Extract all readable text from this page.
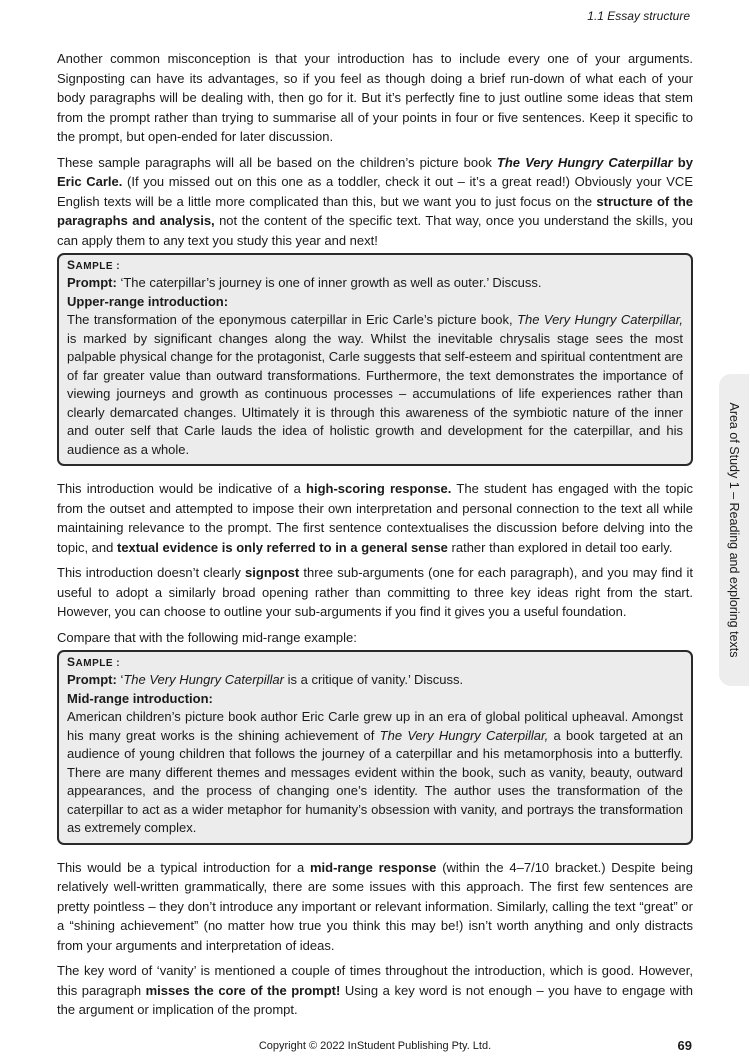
1.1 Essay structure

Another common misconception is that your introduction has to include every one of your arguments. Signposting can have its advantages, so if you feel as though doing a brief run-down of what each of your body paragraphs will be dealing with, then go for it. But it’s perfectly fine to just outline some ideas that stem from the prompt rather than trying to summarise all of your points in four or five sentences. Keep it specific to the prompt, but open-ended for later discussion.

These sample paragraphs will all be based on the children’s picture book The Very Hungry Caterpillar by Eric Carle. (If you missed out on this one as a toddler, check it out – it’s a great read!) Obviously your VCE English texts will be a little more complicated than this, but we want you to just focus on the structure of the paragraphs and analysis, not the content of the specific text. That way, once you understand the skills, you can apply them to any text you study this year and next!

SAMPLE :
Prompt: ‘The caterpillar’s journey is one of inner growth as well as outer.’ Discuss.
Upper-range introduction:
The transformation of the eponymous caterpillar in Eric Carle’s picture book, The Very Hungry Caterpillar, is marked by significant changes along the way. Whilst the inevitable chrysalis stage sees the most palpable physical change for the protagonist, Carle suggests that self-esteem and spiritual contentment are of far greater value than outward transformations. Furthermore, the text demonstrates the importance of viewing journeys and growth as continuous processes – accumulations of life experiences rather than clearly demarcated changes. Ultimately it is through this awareness of the symbiotic nature of the inner and outer self that Carle lauds the idea of holistic growth and development for the caterpillar, and his audience as a whole.

This introduction would be indicative of a high-scoring response. The student has engaged with the topic from the outset and attempted to impose their own interpretation and personal connection to the text all while maintaining relevance to the prompt. The first sentence contextualises the discussion before delving into the topic, and textual evidence is only referred to in a general sense rather than explored in detail too early.

This introduction doesn’t clearly signpost three sub-arguments (one for each paragraph), and you may find it useful to adopt a similarly broad opening rather than committing to three key ideas right from the start. However, you can choose to outline your sub-arguments if you find it gives you a useful foundation.

Compare that with the following mid-range example:

SAMPLE :
Prompt: ‘The Very Hungry Caterpillar is a critique of vanity.’ Discuss.
Mid-range introduction:
American children’s picture book author Eric Carle grew up in an era of global political upheaval. Amongst his many great works is the shining achievement of The Very Hungry Caterpillar, a book targeted at an audience of young children that follows the journey of a caterpillar and his metamorphosis into a butterfly. There are many different themes and messages evident within the book, such as vanity, beauty, outward appearances, and the process of changing one’s identity. The author uses the transformation of the caterpillar to act as a wider metaphor for humanity’s obsession with vanity, and portrays the transformation as extremely complex.

This would be a typical introduction for a mid-range response (within the 4–7/10 bracket.) Despite being relatively well-written grammatically, there are some issues with this approach. The first few sentences are pretty pointless – they don’t introduce any important or relevant information. Similarly, calling the text “great” or a “shining achievement” (no matter how true you think this may be!) isn’t worth anything and only distracts from your arguments and interpretation of ideas.

The key word of ‘vanity’ is mentioned a couple of times throughout the introduction, which is good. However, this paragraph misses the core of the prompt! Using a key word is not enough – you have to engage with the argument or implication of the prompt.

Area of Study 1 – Reading and exploring texts
Copyright © 2022 InStudent Publishing Pty. Ltd.	69
